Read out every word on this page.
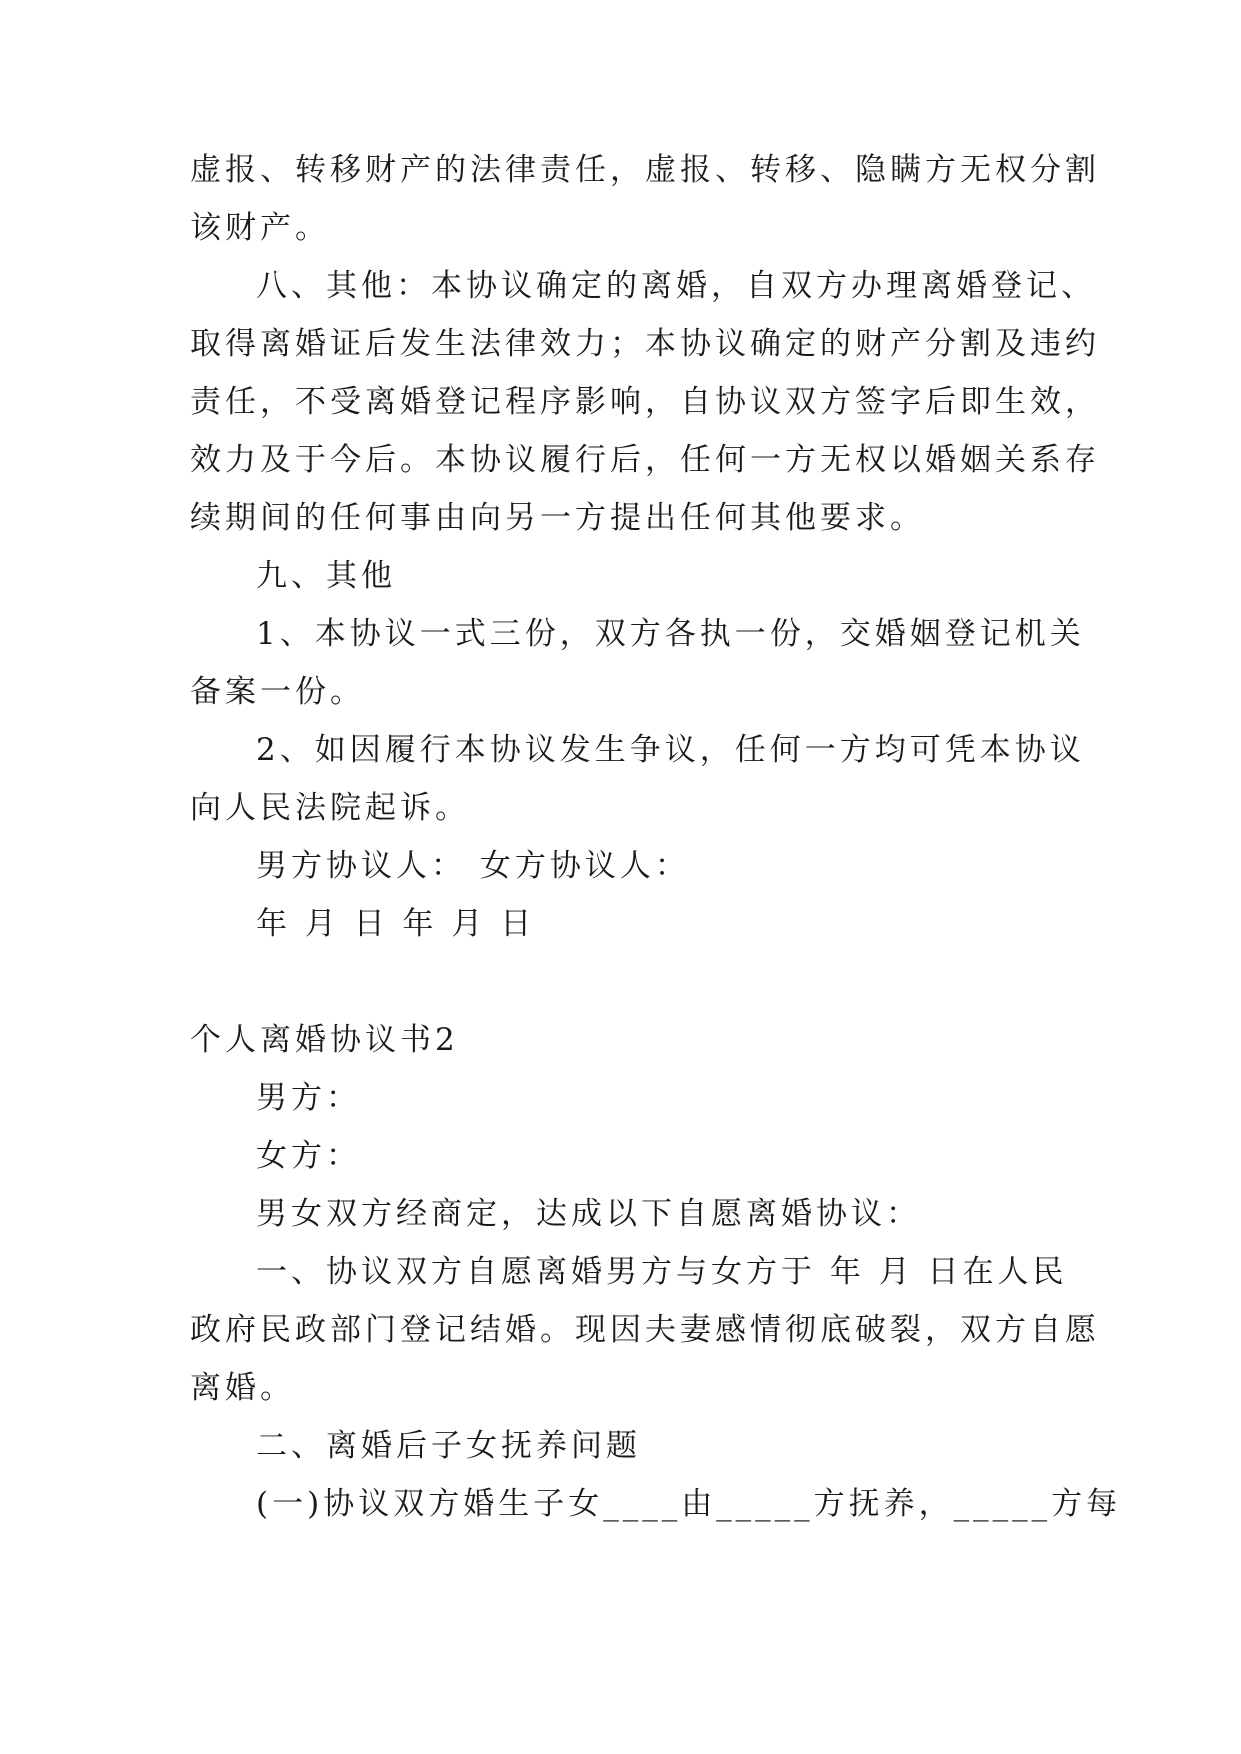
虚报、转移财产的法律责任，虚报、转移、隐瞒方无权分割
该财产。
八、其他：本协议确定的离婚，自双方办理离婚登记、
取得离婚证后发生法律效力；本协议确定的财产分割及违约
责任，不受离婚登记程序影响，自协议双方签字后即生效，
效力及于今后。本协议履行后，任何一方无权以婚姻关系存
续期间的任何事由向另一方提出任何其他要求。
九、其他
1、本协议一式三份，双方各执一份，交婚姻登记机关
备案一份。
2、如因履行本协议发生争议，任何一方均可凭本协议
向人民法院起诉。
男方协议人： 女方协议人：
年 月 日 年 月 日
个人离婚协议书2
男方：
女方：
男女双方经商定，达成以下自愿离婚协议：
一、协议双方自愿离婚男方与女方于 年 月 日在人民
政府民政部门登记结婚。现因夫妻感情彻底破裂，双方自愿
离婚。
二、离婚后子女抚养问题
(一)协议双方婚生子女____由_____方抚养，_____方每
